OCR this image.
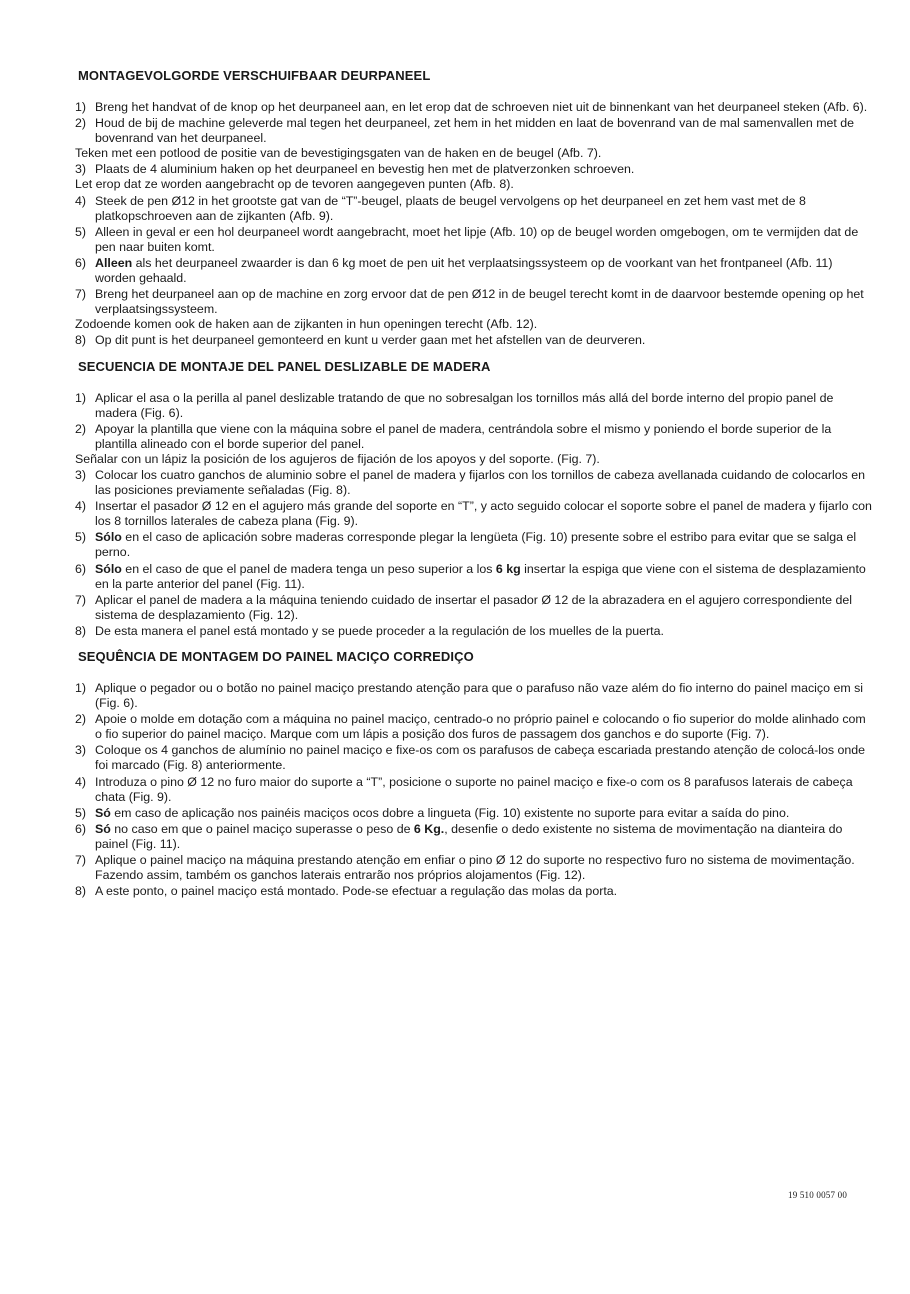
MONTAGEVOLGORDE VERSCHUIFBAAR DEURPANEEL
1) Breng het handvat of de knop op het deurpaneel aan, en let erop dat de schroeven niet uit de binnenkant van het deurpaneel steken (Afb. 6).
2) Houd de bij de machine geleverde mal tegen het deurpaneel, zet hem in het midden en laat de bovenrand van de mal samenvallen met de bovenrand van het deurpaneel.
Teken met een potlood de positie van de bevestigingsgaten van de haken en de beugel (Afb. 7).
3) Plaats de 4 aluminium haken op het deurpaneel en bevestig hen met de platverzonken schroeven.
Let erop dat ze worden aangebracht op de tevoren aangegeven punten (Afb. 8).
4) Steek de pen Ø12 in het grootste gat van de “T”-beugel, plaats de beugel vervolgens op het deurpaneel en zet hem vast met de 8 platkopschroeven aan de zijkanten (Afb. 9).
5) Alleen in geval er een hol deurpaneel wordt aangebracht, moet het lipje (Afb. 10) op de beugel worden omgebogen, om te vermijden dat de pen naar buiten komt.
6) Alleen als het deurpaneel zwaarder is dan 6 kg moet de pen uit het verplaatsingssysteem op de voorkant van het frontpaneel (Afb. 11) worden gehaald.
7) Breng het deurpaneel aan op de machine en zorg ervoor dat de pen Ø12 in de beugel terecht komt in de daarvoor bestemde opening op het verplaatsingssysteem.
Zodoende komen ook de haken aan de zijkanten in hun openingen terecht (Afb. 12).
8) Op dit punt is het deurpaneel gemonteerd en kunt u verder gaan met het afstellen van de deurveren.
SECUENCIA DE MONTAJE DEL PANEL DESLIZABLE DE MADERA
1) Aplicar el asa o la perilla al panel deslizable tratando de que no sobresalgan los tornillos más allá del borde interno del propio panel de madera (Fig. 6).
2) Apoyar la plantilla que viene con la máquina sobre el panel de madera, centrándola sobre el mismo y poniendo el borde superior de la plantilla alineado con el borde superior del panel.
Señalar con un lápiz la posición de los agujeros de fijación de los apoyos y del soporte. (Fig. 7).
3) Colocar los cuatro ganchos de aluminio sobre el panel de madera y fijarlos con los tornillos de cabeza avellanada cuidando de colocarlos en las posiciones previamente señaladas (Fig. 8).
4) Insertar el pasador Ø 12 en el agujero más grande del soporte en “T”, y acto seguido colocar el soporte sobre el panel de madera y fijarlo con los 8 tornillos laterales de cabeza plana (Fig. 9).
5) Sólo en el caso de aplicación sobre maderas corresponde plegar la lengüeta (Fig. 10) presente sobre el estribo para evitar que se salga el perno.
6) Sólo en el caso de que el panel de madera tenga un peso superior a los 6 kg insertar la espiga que viene con el sistema de desplazamiento en la parte anterior del panel (Fig. 11).
7) Aplicar el panel de madera a la máquina teniendo cuidado de insertar el pasador Ø 12 de la abrazadera en el agujero correspondiente del sistema de desplazamiento (Fig. 12).
8) De esta manera el panel está montado y se puede proceder a la regulación de los muelles de la puerta.
SEQUÊNCIA DE MONTAGEM DO PAINEL MACIÇO CORREDIÇO
1) Aplique o pegador ou o botão no painel maciço prestando atenção para que o parafuso não vaze além do fio interno do painel maciço em si (Fig. 6).
2) Apoie o molde em dotação com a máquina no painel maciço, centrado-o no próprio painel e colocando o fio superior do molde alinhado com o fio superior do painel maciço. Marque com um lápis a posição dos furos de passagem dos ganchos e do suporte (Fig. 7).
3) Coloque os 4 ganchos de alumínio no painel maciço e fixe-os com os parafusos de cabeça escariada prestando atenção de colocá-los onde foi marcado (Fig. 8) anteriormente.
4) Introduza o pino Ø 12 no furo maior do suporte a “T”, posicione o suporte no painel maciço e fixe-o com os 8 parafusos laterais de cabeça chata (Fig. 9).
5) Só em caso de aplicação nos painéis maciços ocos dobre a lingueta (Fig. 10) existente no suporte para evitar a saída do pino.
6) Só no caso em que o painel maciço superasse o peso de 6 Kg., desenfie o dedo existente no sistema de movimentação na dianteira do painel (Fig. 11).
7) Aplique o painel maciço na máquina prestando atenção em enfiar o pino Ø 12 do suporte no respectivo furo no sistema de movimentação. Fazendo assim, também os ganchos laterais entrarão nos próprios alojamentos (Fig. 12).
8) A este ponto, o painel maciço está montado. Pode-se efectuar a regulação das molas da porta.
19 510 0057 00
